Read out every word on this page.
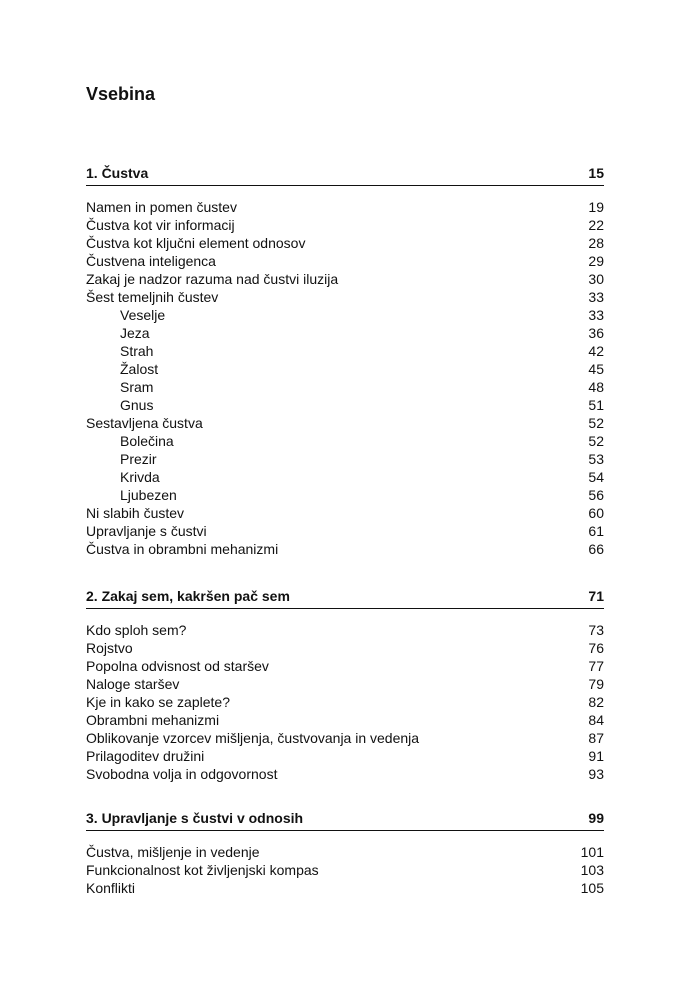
Vsebina
1. Čustva	15
Namen in pomen čustev	19
Čustva kot vir informacij	22
Čustva kot ključni element odnosov	28
Čustvena inteligenca	29
Zakaj je nadzor razuma nad čustvi iluzija	30
Šest temeljnih čustev	33
Veselje	33
Jeza	36
Strah	42
Žalost	45
Sram	48
Gnus	51
Sestavljena čustva	52
Bolečina	52
Prezir	53
Krivda	54
Ljubezen	56
Ni slabih čustev	60
Upravljanje s čustvi	61
Čustva in obrambni mehanizmi	66
2. Zakaj sem, kakršen pač sem	71
Kdo sploh sem?	73
Rojstvo	76
Popolna odvisnost od staršev	77
Naloge staršev	79
Kje in kako se zaplete?	82
Obrambni mehanizmi	84
Oblikovanje vzorcev mišljenja, čustvovanja in vedenja	87
Prilagoditev družini	91
Svobodna volja in odgovornost	93
3. Upravljanje s čustvi v odnosih	99
Čustva, mišljenje in vedenje	101
Funkcionalnost kot življenjski kompas	103
Konflikti	105
